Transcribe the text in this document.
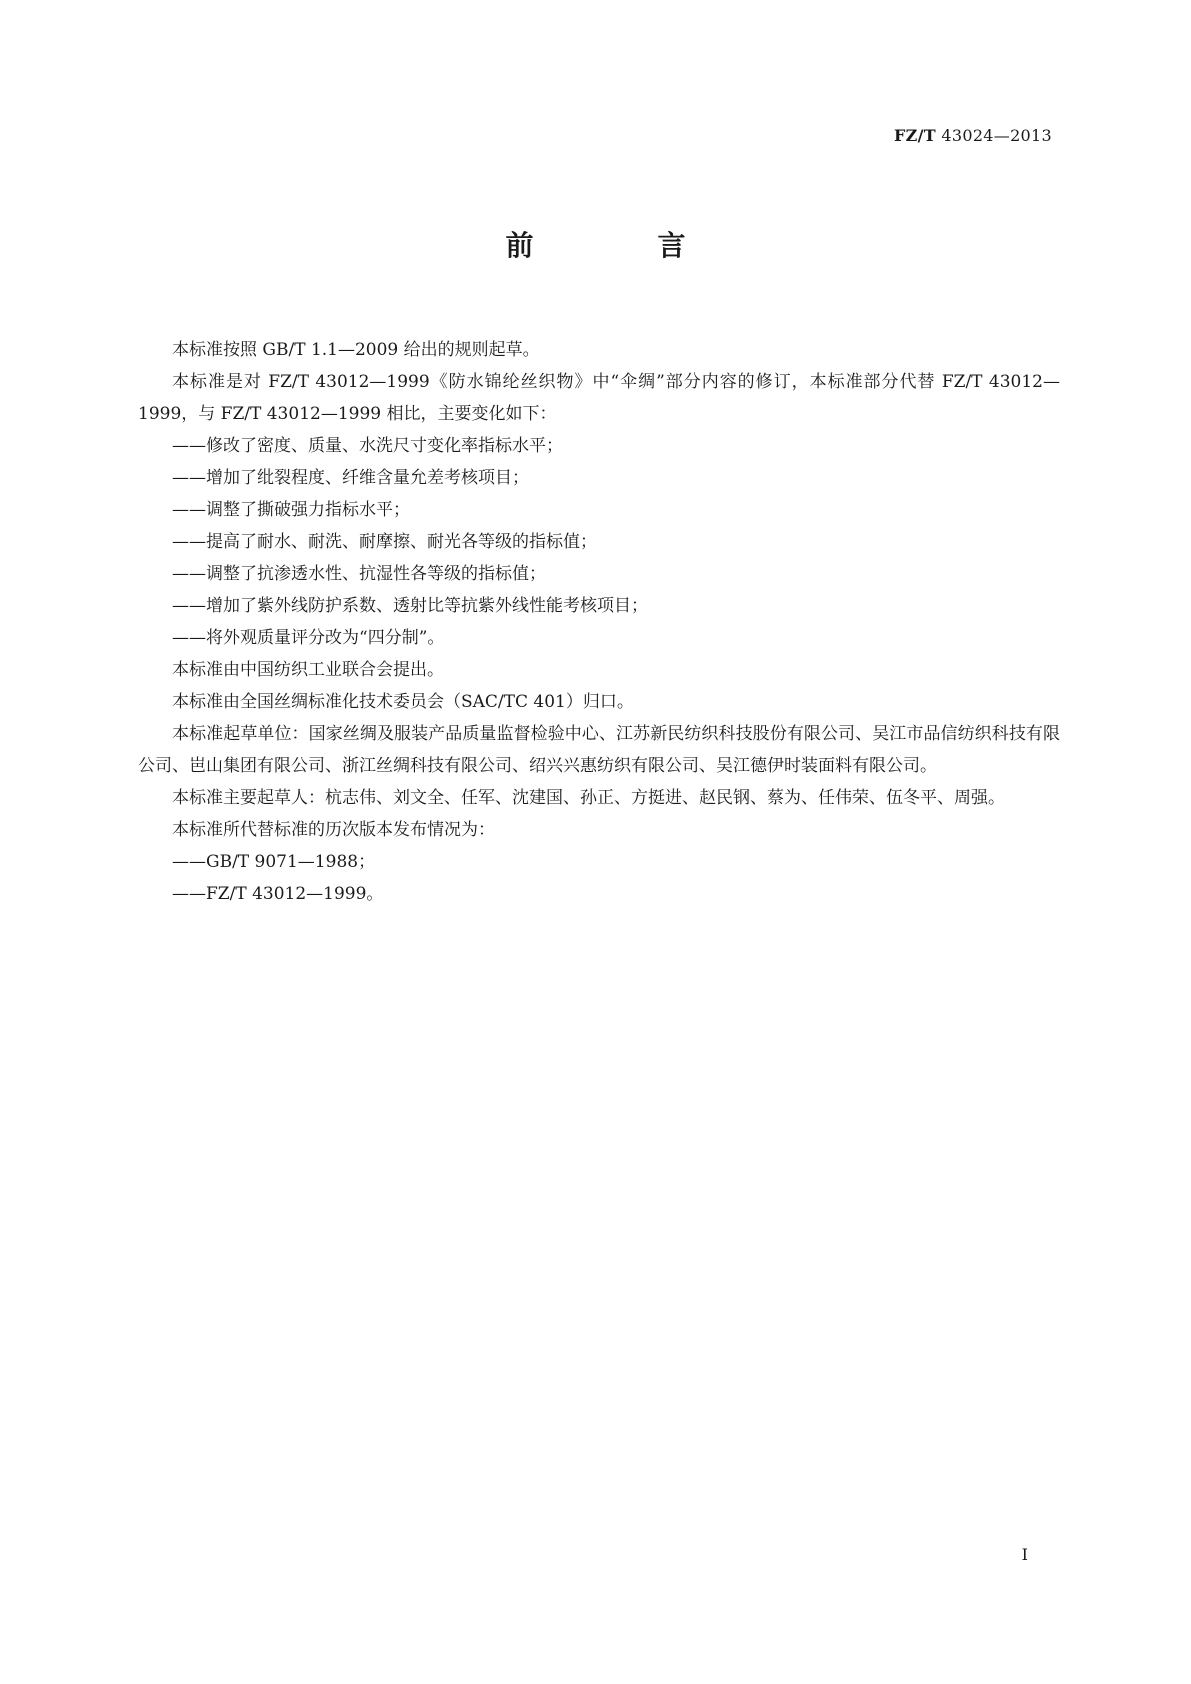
FZ/T 43024—2013
前　言

本标准按照 GB/T 1.1—2009 给出的规则起草。

本标准是对 FZ/T 43012—1999《防水锦纶丝织物》中“伞绸”部分内容的修订，本标准部分代替 FZ/T 43012—1999，与 FZ/T 43012—1999 相比，主要变化如下：

——修改了密度、质量、水洗尺寸变化率指标水平；

——增加了纰裂程度、纤维含量允差考核项目；

——调整了撕破强力指标水平；

——提高了耐水、耐洗、耐摩擦、耐光各等级的指标值；

——调整了抗渗透水性、抗湿性各等级的指标值；

——增加了紫外线防护系数、透射比等抗紫外线性能考核项目；

——将外观质量评分改为“四分制”。

本标准由中国纺织工业联合会提出。

本标准由全国丝绸标准化技术委员会（SAC/TC 401）归口。

本标准起草单位：国家丝绸及服装产品质量监督检验中心、江苏新民纺织科技股份有限公司、吴江市品信纺织科技有限公司、岜山集团有限公司、浙江丝绸科技有限公司、绍兴兴惠纺织有限公司、吴江德伊时装面料有限公司。

本标准主要起草人：杭志伟、刘文全、任军、沈建国、孙正、方挺进、赵民钢、蔡为、任伟荣、伍冬平、周强。

本标准所代替标准的历次版本发布情况为：

——GB/T 9071—1988；

——FZ/T 43012—1999。

I
